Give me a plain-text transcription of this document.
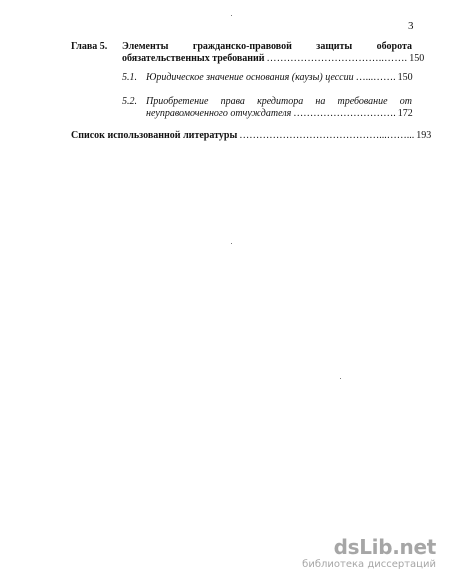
3
Глава 5. Элементы гражданско-правовой защиты оборота
обязательственных требований ……………………………..……. 150
5.1. Юридическое значение основания (каузы) цессии …...……. 150
5.2. Приобретение права кредитора на требование от
неуправомоченного отчуждателя …………………………. 172
Список использованной литературы ……………………………………...……... 193
dsLib.net
библиотека диссертаций
